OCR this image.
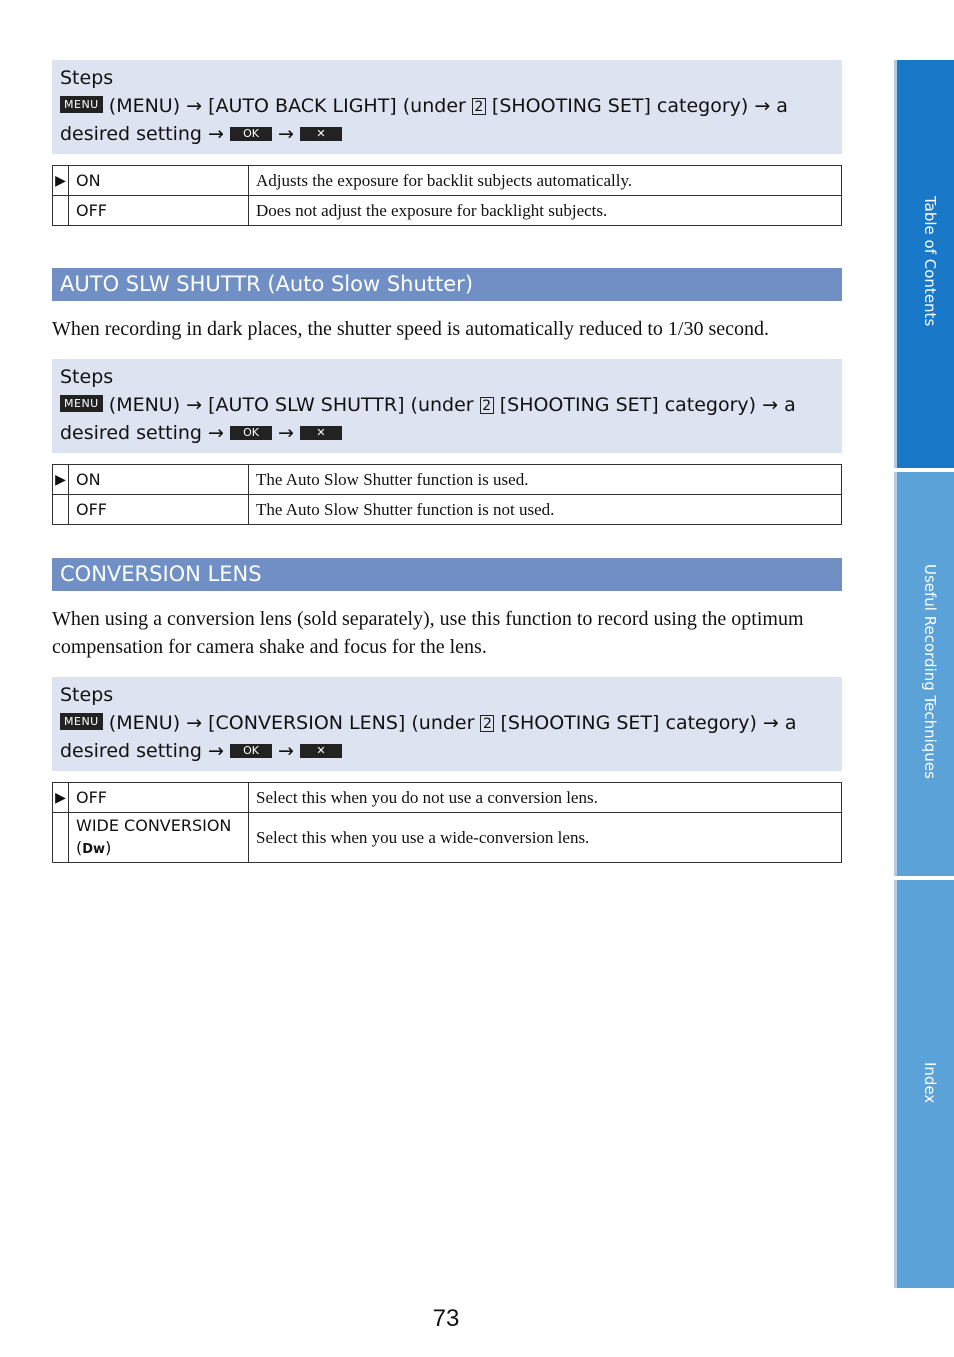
Steps
MENU (MENU) → [AUTO BACK LIGHT] (under 2 [SHOOTING SET] category) → a
desired setting → OK → ✕
▶	ON	Adjusts the exposure for backlit subjects automatically.
	OFF	Does not adjust the exposure for backlight subjects.
AUTO SLW SHUTTR (Auto Slow Shutter)
When recording in dark places, the shutter speed is automatically reduced to 1/30 second.
Steps
MENU (MENU) → [AUTO SLW SHUTTR] (under 2 [SHOOTING SET] category) → a
desired setting → OK → ✕
▶	ON	The Auto Slow Shutter function is used.
	OFF	The Auto Slow Shutter function is not used.
CONVERSION LENS
When using a conversion lens (sold separately), use this function to record using the optimum compensation for camera shake and focus for the lens.
Steps
MENU (MENU) → [CONVERSION LENS] (under 2 [SHOOTING SET] category) → a
desired setting → OK → ✕
▶	OFF	Select this when you do not use a conversion lens.

	WIDE CONVERSION
(Dw)	Select this when you use a wide-conversion lens.
Table of Contents
Useful Recording Techniques
Index
73
